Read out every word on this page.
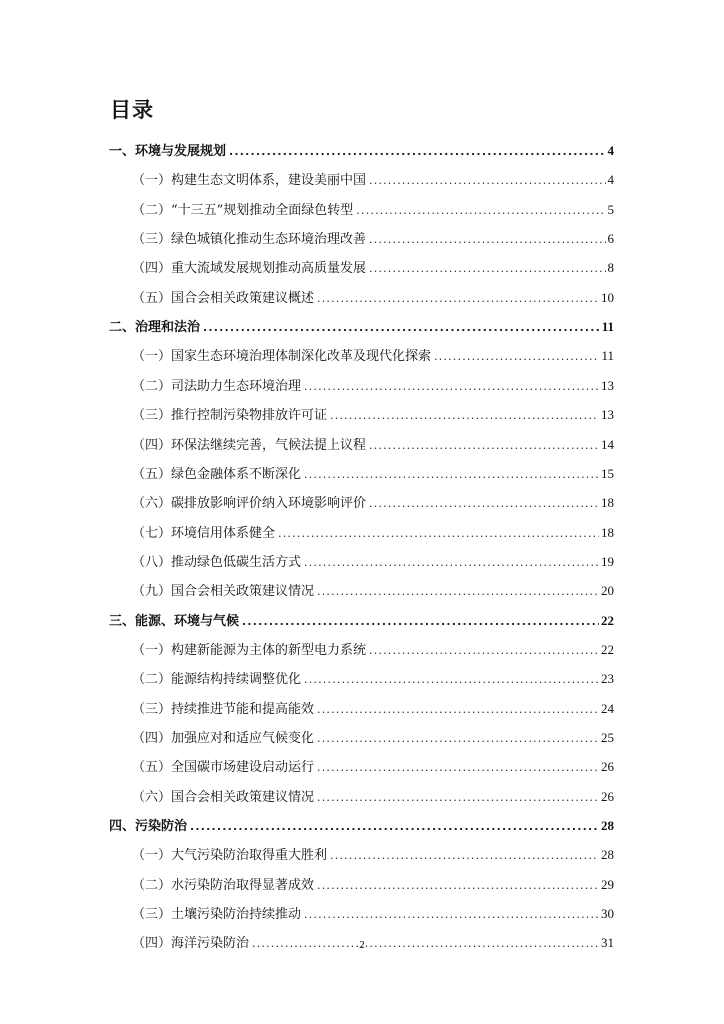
目录
一、环境与发展规划 .....	4
（一）构建生态文明体系，建设美丽中国 .....	4
（二）“十三五”规划推动全面绿色转型 .....	5
（三）绿色城镇化推动生态环境治理改善 .....	6
（四）重大流域发展规划推动高质量发展 .....	8
（五）国合会相关政策建议概述 .....	10
二、治理和法治 .....	11
（一）国家生态环境治理体制深化改革及现代化探索 .....	11
（二）司法助力生态环境治理 .....	13
（三）推行控制污染物排放许可证 .....	13
（四）环保法继续完善，气候法提上议程 .....	14
（五）绿色金融体系不断深化 .....	15
（六）碳排放影响评价纳入环境影响评价 .....	18
（七）环境信用体系健全 .....	18
（八）推动绿色低碳生活方式 .....	19
（九）国合会相关政策建议情况 .....	20
三、能源、环境与气候 .....	22
（一）构建新能源为主体的新型电力系统 .....	22
（二）能源结构持续调整优化 .....	23
（三）持续推进节能和提高能效 .....	24
（四）加强应对和适应气候变化 .....	25
（五）全国碳市场建设启动运行 .....	26
（六）国合会相关政策建议情况 .....	26
四、污染防治 .....	28
（一）大气污染防治取得重大胜利 .....	28
（二）水污染防治取得显著成效 .....	29
（三）土壤污染防治持续推动 .....	30
（四）海洋污染防治 .....	31
2
